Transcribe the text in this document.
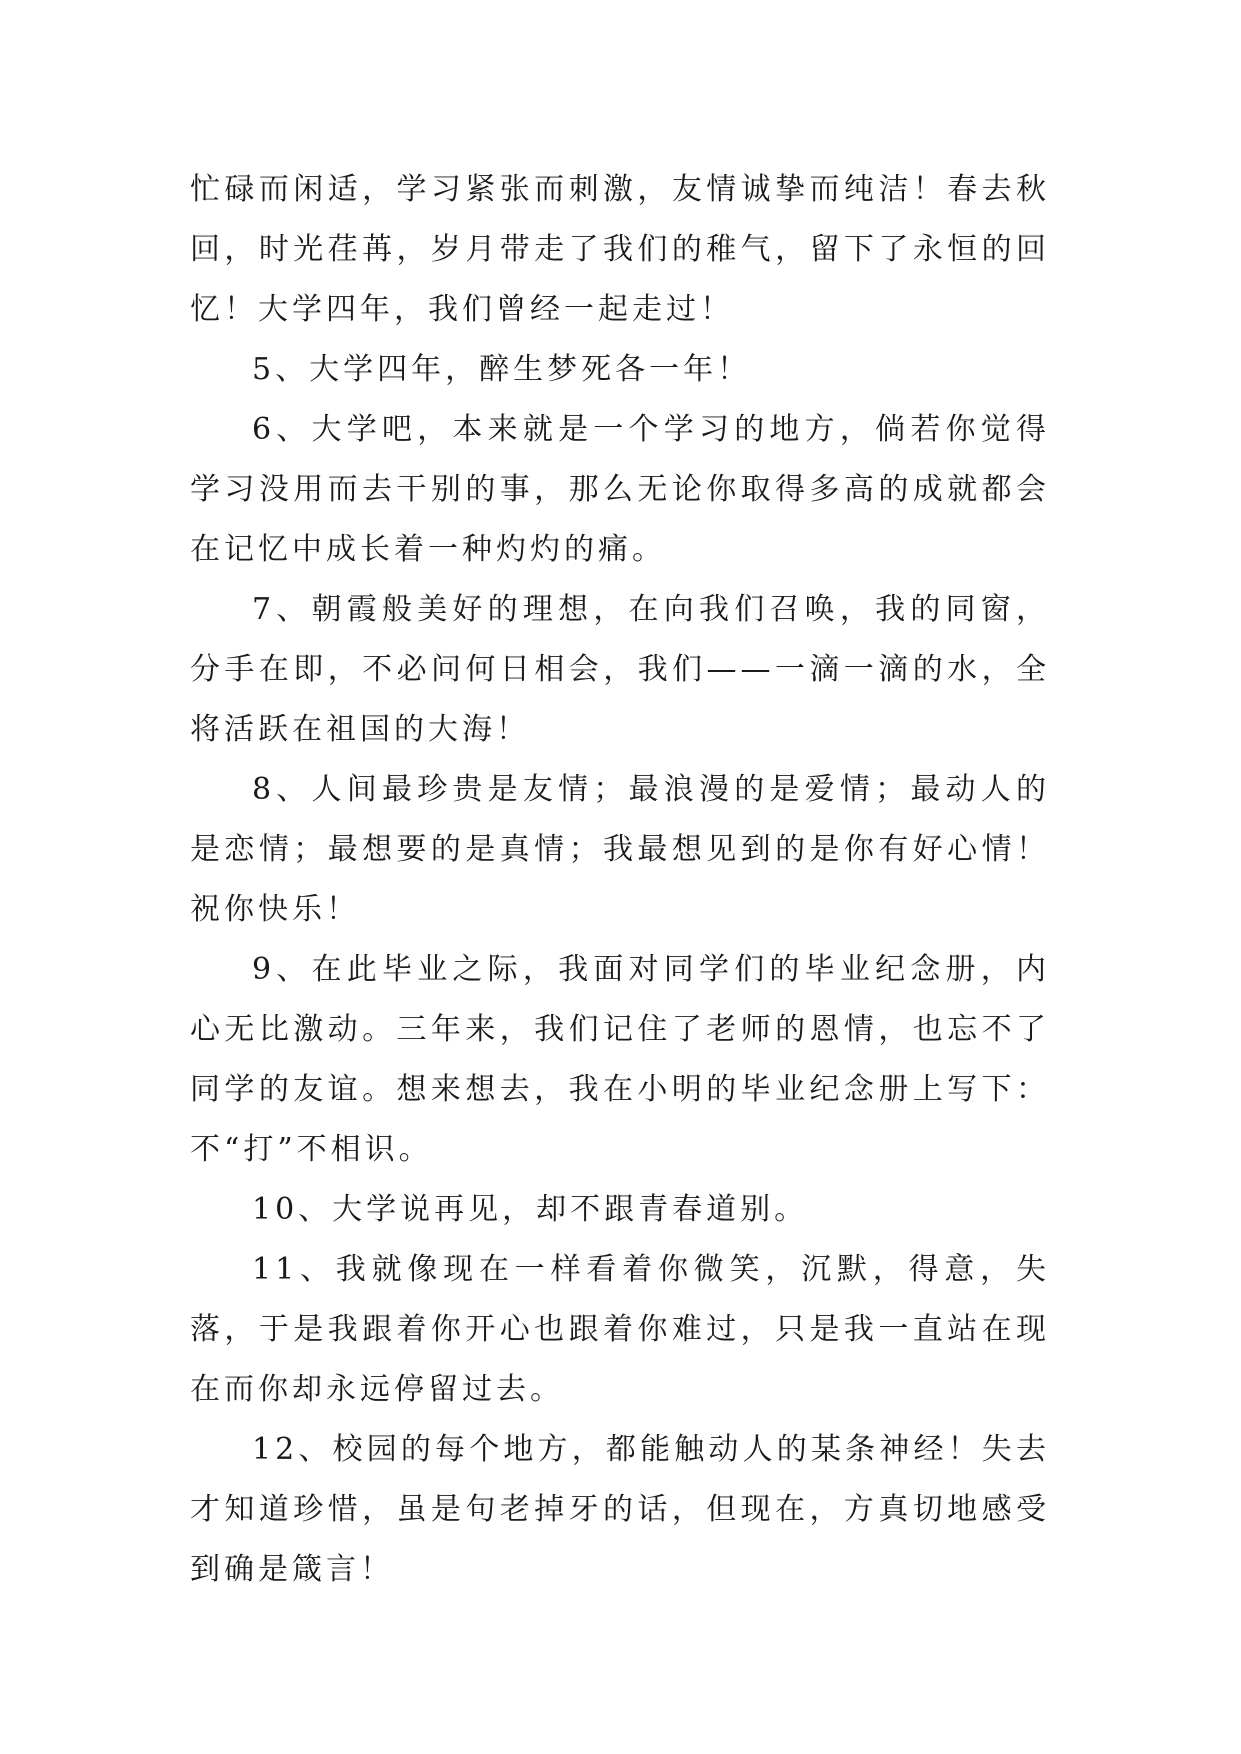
忙碌而闲适，学习紧张而刺激，友情诚挚而纯洁！春去秋回，时光荏苒，岁月带走了我们的稚气，留下了永恒的回忆！大学四年，我们曾经一起走过！

5、大学四年，醉生梦死各一年！

6、大学吧，本来就是一个学习的地方，倘若你觉得学习没用而去干别的事，那么无论你取得多高的成就都会在记忆中成长着一种灼灼的痛。

7、朝霞般美好的理想，在向我们召唤，我的同窗，分手在即，不必问何日相会，我们——一滴一滴的水，全将活跃在祖国的大海！

8、人间最珍贵是友情；最浪漫的是爱情；最动人的是恋情；最想要的是真情；我最想见到的是你有好心情！祝你快乐！

9、在此毕业之际，我面对同学们的毕业纪念册，内心无比激动。三年来，我们记住了老师的恩情，也忘不了同学的友谊。想来想去，我在小明的毕业纪念册上写下：不“打”不相识。

10、大学说再见，却不跟青春道别。

11、我就像现在一样看着你微笑，沉默，得意，失落，于是我跟着你开心也跟着你难过，只是我一直站在现在而你却永远停留过去。

12、校园的每个地方，都能触动人的某条神经！失去才知道珍惜，虽是句老掉牙的话，但现在，方真切地感受到确是箴言！
